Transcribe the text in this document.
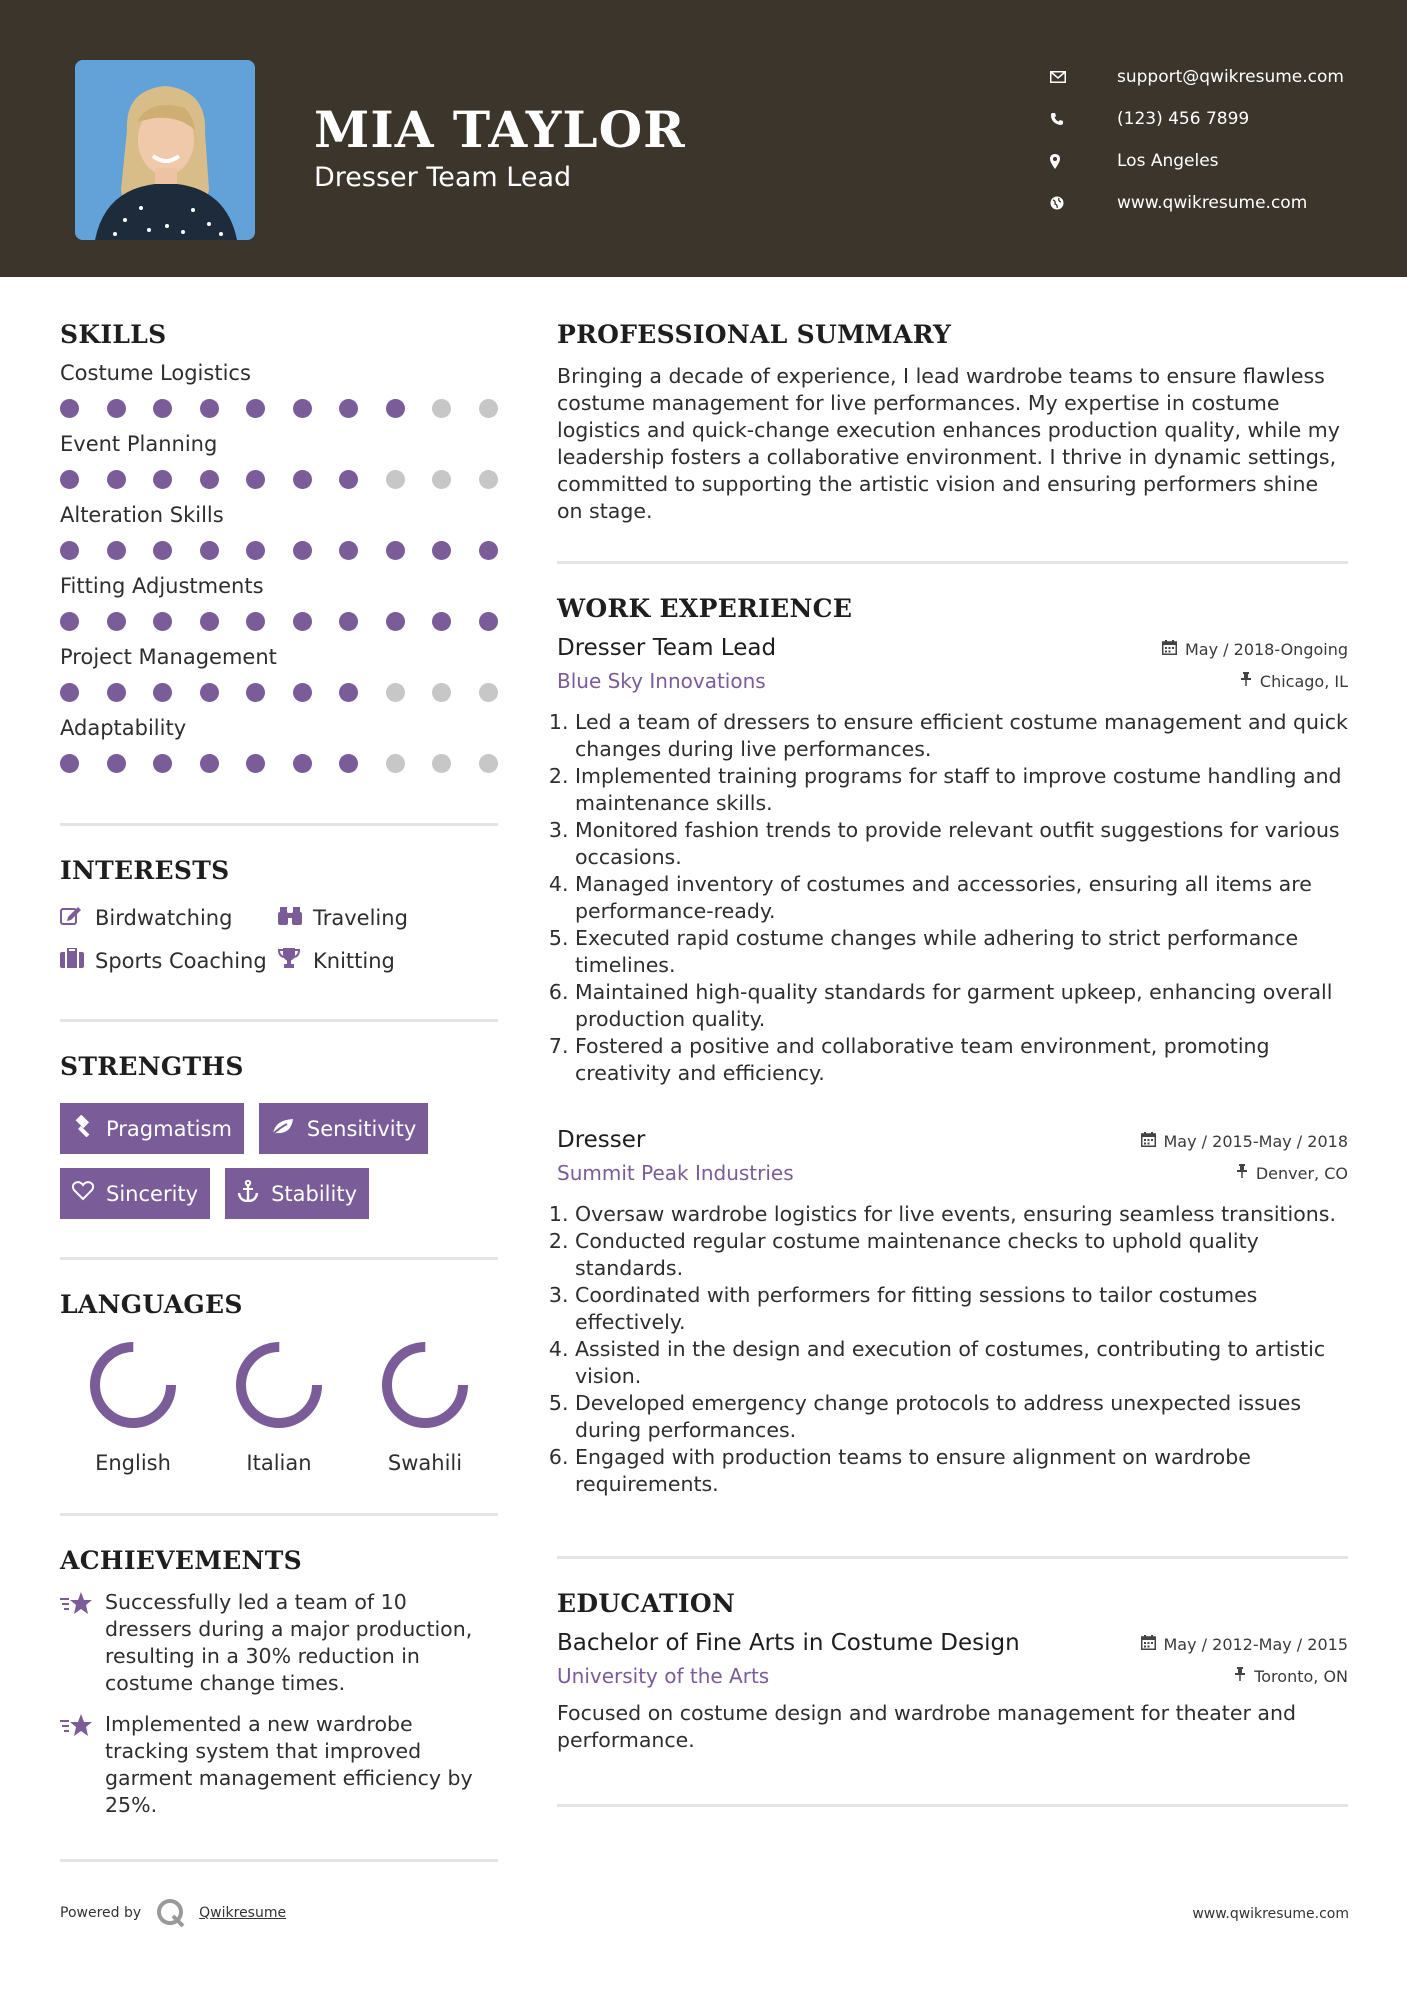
MIA TAYLOR
Dresser Team Lead
support@qwikresume.com
(123) 456 7899
Los Angeles
www.qwikresume.com
SKILLS
Costume Logistics
Event Planning
Alteration Skills
Fitting Adjustments
Project Management
Adaptability
INTERESTS
Birdwatching	Traveling
Sports Coaching Knitting
STRENGTHS
Pragmatism	Sensitivity
Sincerity	Stability
LANGUAGES
English	Italian	Swahili
ACHIEVEMENTS
Successfully led a team of 10 dressers during a major production, resulting in a 30% reduction in costume change times.
Implemented a new wardrobe tracking system that improved garment management efficiency by 25%.
PROFESSIONAL SUMMARY
Bringing a decade of experience, I lead wardrobe teams to ensure flawless costume management for live performances. My expertise in costume logistics and quick-change execution enhances production quality, while my leadership fosters a collaborative environment. I thrive in dynamic settings, committed to supporting the artistic vision and ensuring performers shine on stage.
WORK EXPERIENCE
Dresser Team Lead	May / 2018-Ongoing
Blue Sky Innovations	Chicago, IL
1. Led a team of dressers to ensure efficient costume management and quick changes during live performances.
2. Implemented training programs for staff to improve costume handling and maintenance skills.
3. Monitored fashion trends to provide relevant outfit suggestions for various occasions.
4. Managed inventory of costumes and accessories, ensuring all items are performance-ready.
5. Executed rapid costume changes while adhering to strict performance timelines.
6. Maintained high-quality standards for garment upkeep, enhancing overall production quality.
7. Fostered a positive and collaborative team environment, promoting creativity and efficiency.
Dresser	May / 2015-May / 2018
Summit Peak Industries	Denver, CO
1. Oversaw wardrobe logistics for live events, ensuring seamless transitions.
2. Conducted regular costume maintenance checks to uphold quality standards.
3. Coordinated with performers for fitting sessions to tailor costumes effectively.
4. Assisted in the design and execution of costumes, contributing to artistic vision.
5. Developed emergency change protocols to address unexpected issues during performances.
6. Engaged with production teams to ensure alignment on wardrobe requirements.
EDUCATION
Bachelor of Fine Arts in Costume Design	May / 2012-May / 2015
University of the Arts	Toronto, ON
Focused on costume design and wardrobe management for theater and performance.
Powered by	Qwikresume	www.qwikresume.com
